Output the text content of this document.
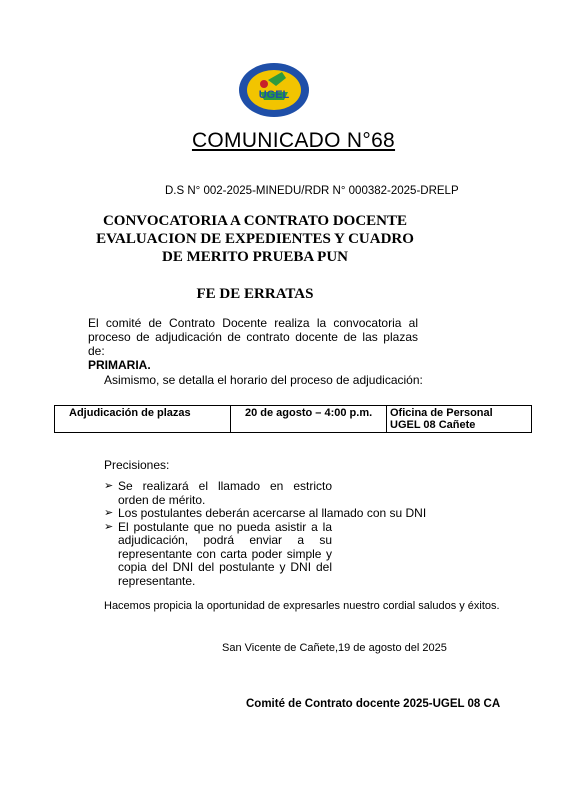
UGEL
COMUNICADO N°68
D.S N° 002-2025-MINEDU/RDR N° 000382-2025-DRELP
CONVOCATORIA A CONTRATO DOCENTE
EVALUACION DE EXPEDIENTES Y CUADRO
DE MERITO PRUEBA PUN
FE DE ERRATAS
El comité de Contrato Docente realiza la convocatoria al
proceso de adjudicación de contrato docente de las plazas de:
PRIMARIA.
Asimismo, se detalla el horario del proceso de adjudicación:
Adjudicación de plazas	20 de agosto – 4:00 p.m.	Oficina de Personal
UGEL 08 Cañete
Precisiones:
➢ Se realizará el llamado en estricto orden de mérito.
➢ Los postulantes deberán acercarse al llamado con su DNI
➢ El postulante que no pueda asistir a la adjudicación, podrá enviar a su representante con carta poder simple y copia del DNI del postulante y DNI del representante.
Hacemos propicia la oportunidad de expresarles nuestro cordial saludos y éxitos.
San Vicente de Cañete,19 de agosto del 2025
Comité de Contrato docente 2025-UGEL 08 CA
